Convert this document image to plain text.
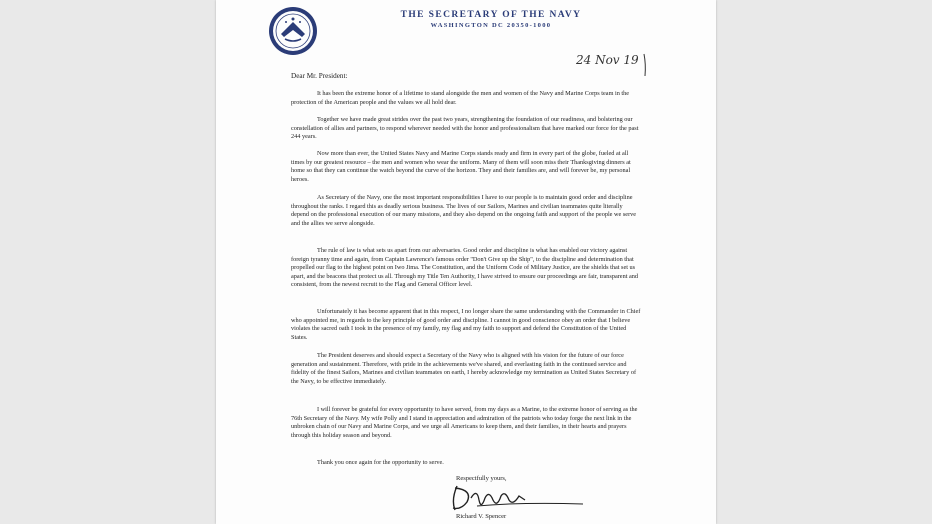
THE SECRETARY OF THE NAVY
WASHINGTON DC 20350-1000
24 Nov 19
Dear Mr. President:

It has been the extreme honor of a lifetime to stand alongside the men and women of the Navy and Marine Corps team in the protection of the American people and the values we all hold dear.

Together we have made great strides over the past two years, strengthening the foundation of our readiness, and bolstering our constellation of allies and partners, to respond wherever needed with the honor and professionalism that have marked our force for the past 244 years.

Now more than ever, the United States Navy and Marine Corps stands ready and firm in every part of the globe, fueled at all times by our greatest resource – the men and women who wear the uniform. Many of them will soon miss their Thanksgiving dinners at home so that they can continue the watch beyond the curve of the horizon. They and their families are, and will forever be, my personal heroes.

As Secretary of the Navy, one the most important responsibilities I have to our people is to maintain good order and discipline throughout the ranks. I regard this as deadly serious business. The lives of our Sailors, Marines and civilian teammates quite literally depend on the professional execution of our many missions, and they also depend on the ongoing faith and support of the people we serve and the allies we serve alongside.

The rule of law is what sets us apart from our adversaries. Good order and discipline is what has enabled our victory against foreign tyranny time and again, from Captain Lawrence's famous order "Don't Give up the Ship", to the discipline and determination that propelled our flag to the highest point on Iwo Jima. The Constitution, and the Uniform Code of Military Justice, are the shields that set us apart, and the beacons that protect us all. Through my Title Ten Authority, I have strived to ensure our proceedings are fair, transparent and consistent, from the newest recruit to the Flag and General Officer level.

Unfortunately it has become apparent that in this respect, I no longer share the same understanding with the Commander in Chief who appointed me, in regards to the key principle of good order and discipline. I cannot in good conscience obey an order that I believe violates the sacred oath I took in the presence of my family, my flag and my faith to support and defend the Constitution of the United States.

The President deserves and should expect a Secretary of the Navy who is aligned with his vision for the future of our force generation and sustainment. Therefore, with pride in the achievements we've shared, and everlasting faith in the continued service and fidelity of the finest Sailors, Marines and civilian teammates on earth, I hereby acknowledge my termination as United States Secretary of the Navy, to be effective immediately.

I will forever be grateful for every opportunity to have served, from my days as a Marine, to the extreme honor of serving as the 76th Secretary of the Navy. My wife Polly and I stand in appreciation and admiration of the patriots who today forge the next link in the unbroken chain of our Navy and Marine Corps, and we urge all Americans to keep them, and their families, in their hearts and prayers through this holiday season and beyond.

Thank you once again for the opportunity to serve.

Respectfully yours,
Richard V. Spencer
